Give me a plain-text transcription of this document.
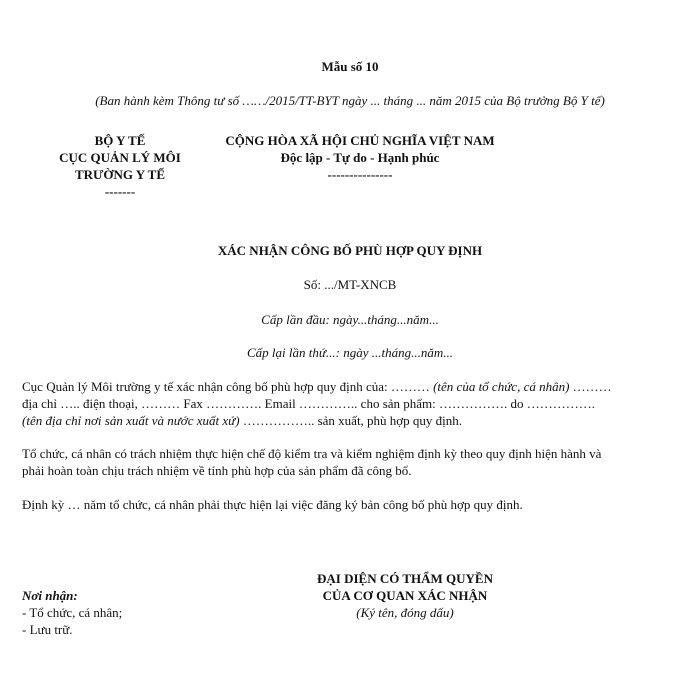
Mẫu số 10
(Ban hành kèm Thông tư số ……/2015/TT-BYT ngày ... tháng ... năm 2015 của Bộ trưởng Bộ Y tế)
BỘ Y TẾ
CỤC QUẢN LÝ MÔI
TRƯỜNG Y TẾ
-------
CỘNG HÒA XÃ HỘI CHỦ NGHĨA VIỆT NAM
Độc lập - Tự do - Hạnh phúc
---------------
XÁC NHẬN CÔNG BỐ PHÙ HỢP QUY ĐỊNH
Số: .../MT-XNCB
Cấp lần đầu: ngày...tháng...năm...
Cấp lại lần thứ...: ngày ...tháng...năm...
Cục Quản lý Môi trường y tế xác nhận công bố phù hợp quy định của: ……… (tên của tổ chức, cá nhân) ………
địa chỉ ….. điện thoại, ……… Fax …………. Email ………….. cho sản phẩm: ……………. do …………….
(tên địa chỉ nơi sản xuất và nước xuất xứ) …………….. sản xuất, phù hợp quy định.
Tổ chức, cá nhân có trách nhiệm thực hiện chế độ kiểm tra và kiểm nghiệm định kỳ theo quy định hiện hành và
phải hoàn toàn chịu trách nhiệm về tính phù hợp của sản phẩm đã công bố.
Định kỳ … năm tổ chức, cá nhân phải thực hiện lại việc đăng ký bản công bố phù hợp quy định.
Nơi nhận:
- Tổ chức, cá nhân;
- Lưu trữ.
ĐẠI DIỆN CÓ THẨM QUYỀN
CỦA CƠ QUAN XÁC NHẬN
(Ký tên, đóng dấu)
